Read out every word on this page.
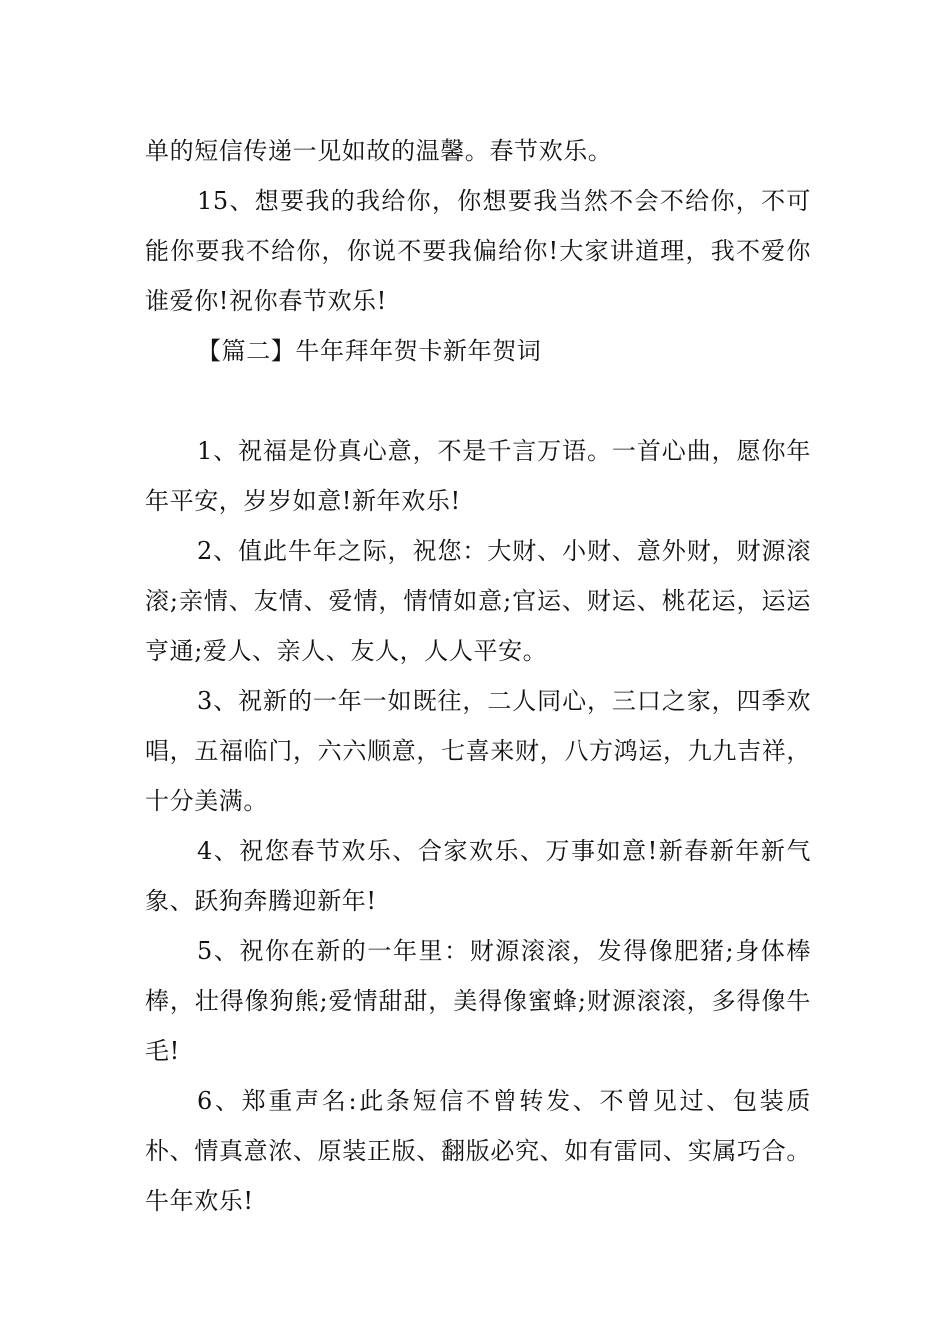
单的短信传递一见如故的温馨。春节欢乐。

15、想要我的我给你，你想要我当然不会不给你，不可能你要我不给你，你说不要我偏给你!大家讲道理，我不爱你谁爱你!祝你春节欢乐!

【篇二】牛年拜年贺卡新年贺词

1、祝福是份真心意，不是千言万语。一首心曲，愿你年年平安，岁岁如意!新年欢乐!

2、值此牛年之际，祝您：大财、小财、意外财，财源滚滚;亲情、友情、爱情，情情如意;官运、财运、桃花运，运运亨通;爱人、亲人、友人，人人平安。

3、祝新的一年一如既往，二人同心，三口之家，四季欢唱，五福临门，六六顺意，七喜来财，八方鸿运，九九吉祥，十分美满。

4、祝您春节欢乐、合家欢乐、万事如意!新春新年新气象、跃狗奔腾迎新年!

5、祝你在新的一年里：财源滚滚，发得像肥猪;身体棒棒，壮得像狗熊;爱情甜甜，美得像蜜蜂;财源滚滚，多得像牛毛!

6、郑重声名:此条短信不曾转发、不曾见过、包装质朴、情真意浓、原装正版、翻版必究、如有雷同、实属巧合。牛年欢乐!
